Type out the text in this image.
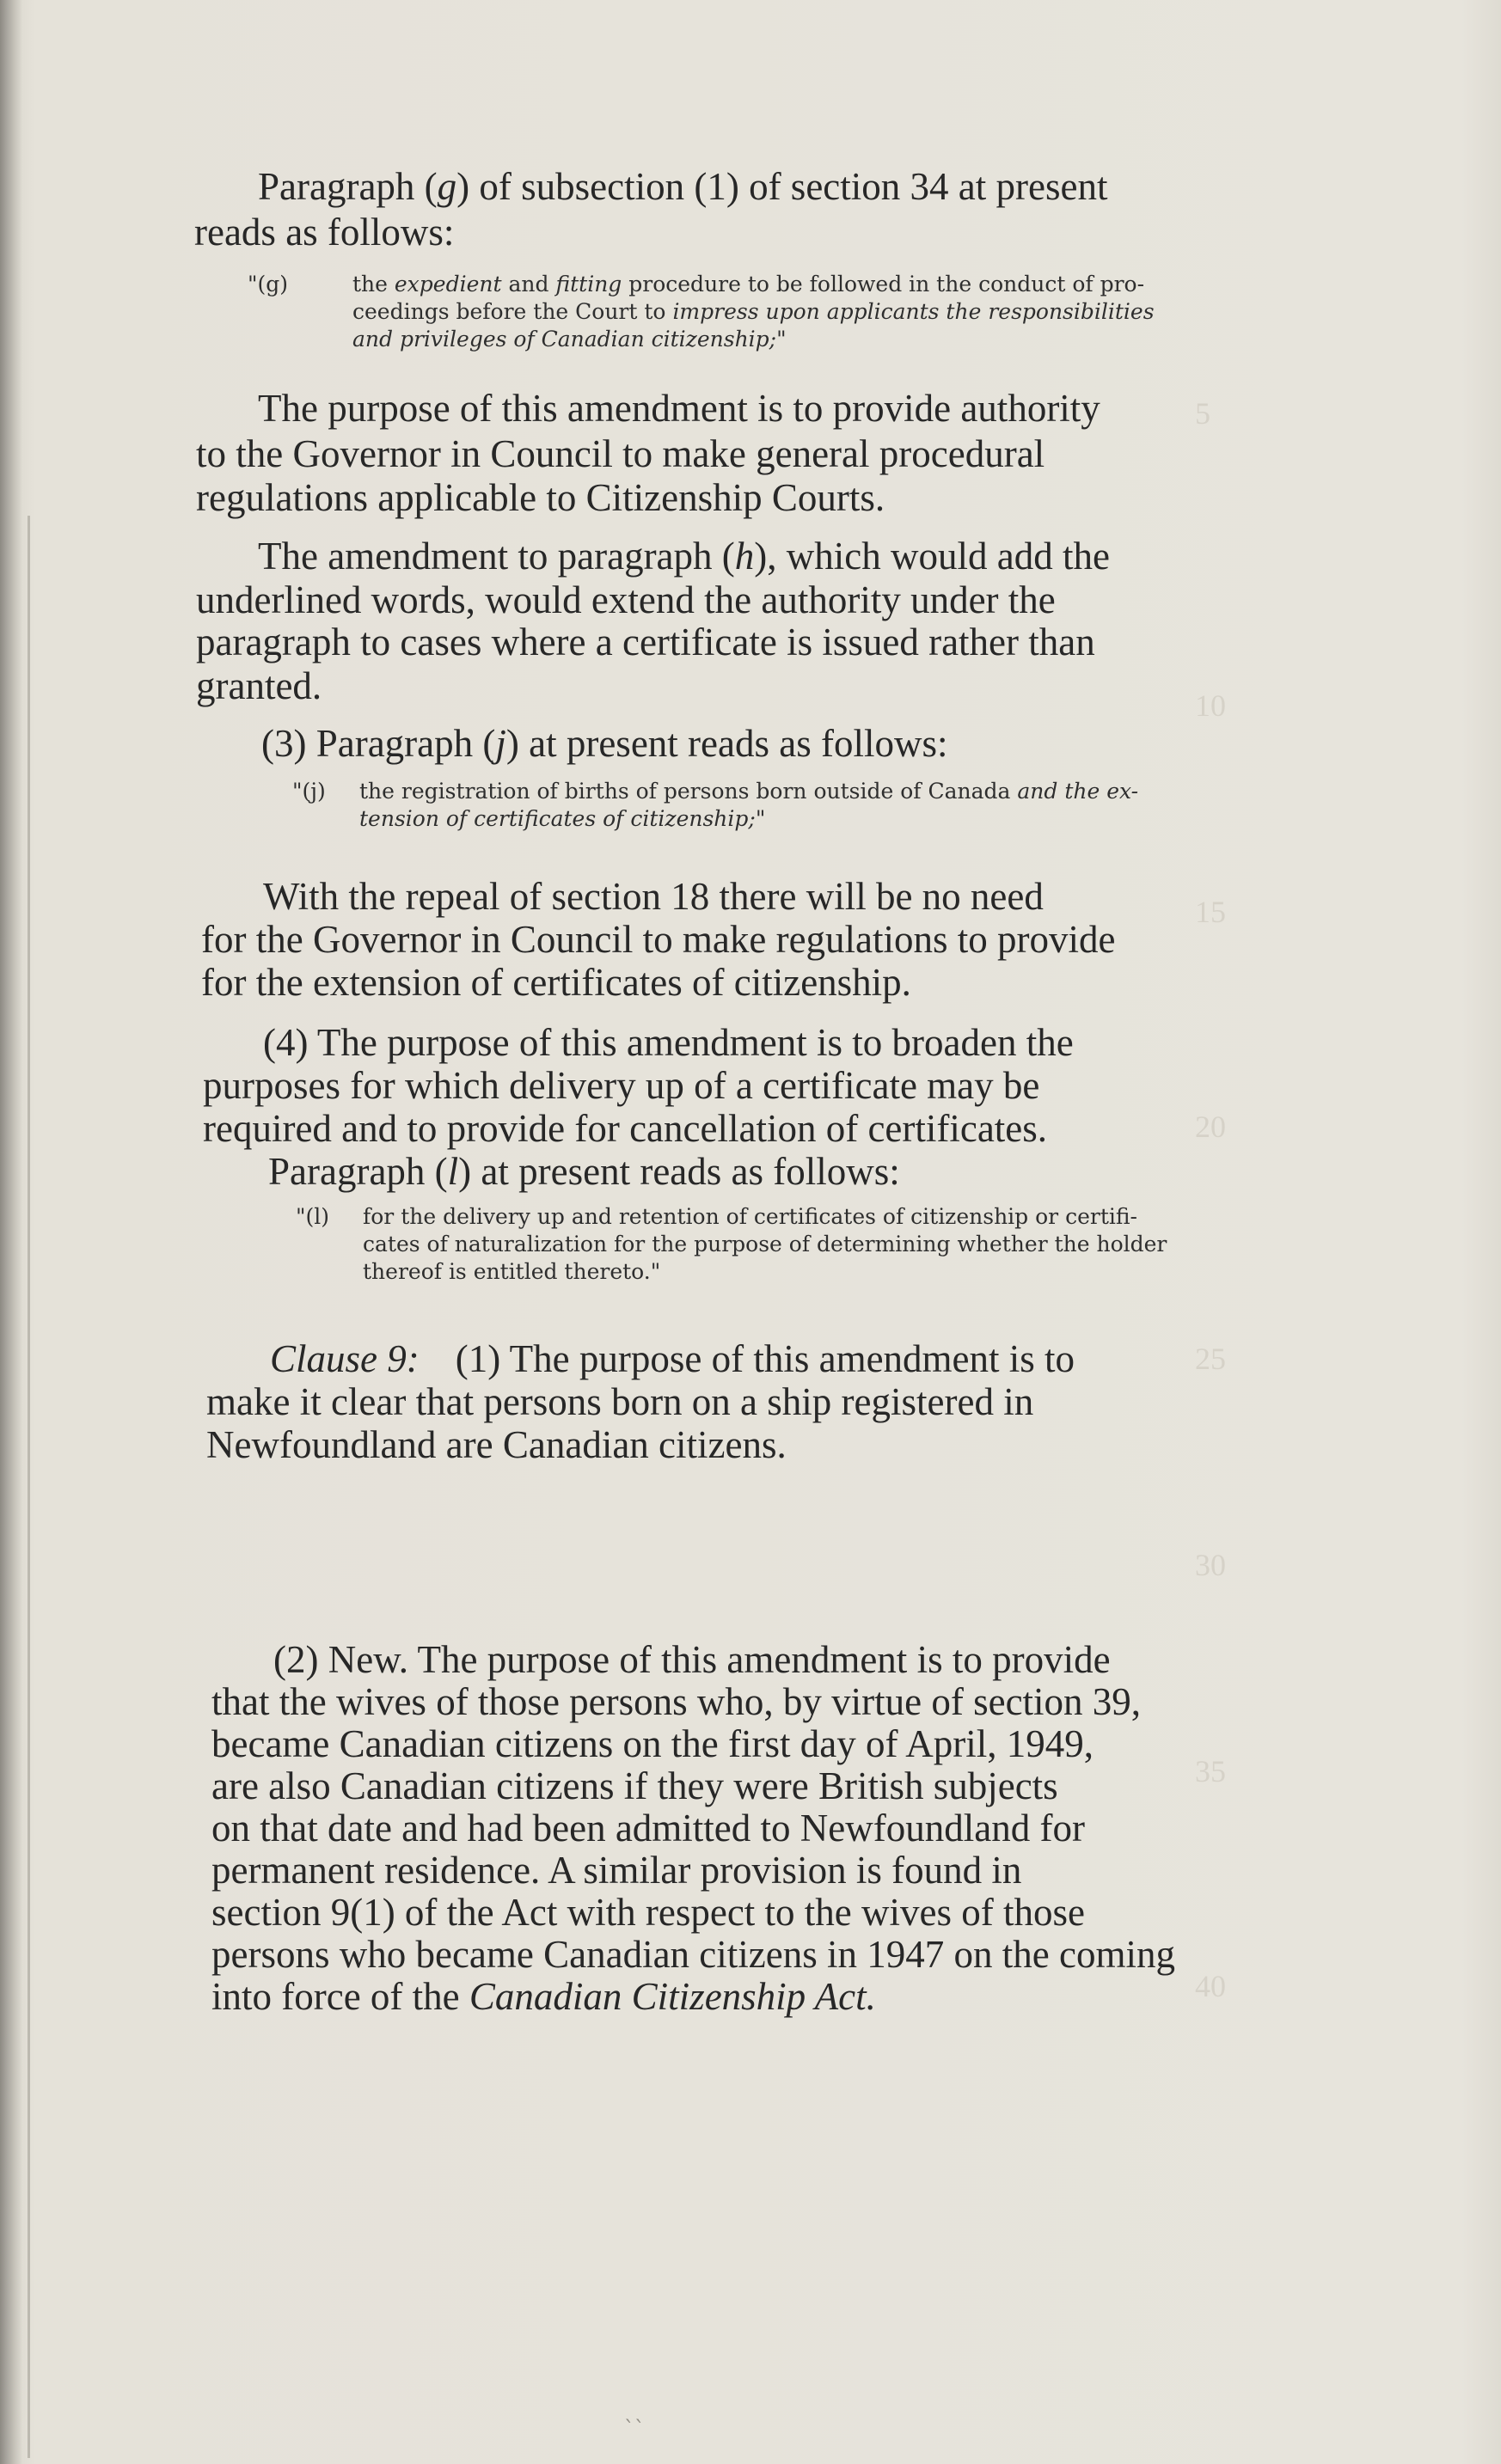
5
10
15
20
25
30
35
40

Paragraph (g) of subsection (1) of section 34 at present

reads as follows:

"(g)	the expedient and fitting procedure to be followed in the conduct of pro-
ceedings before the Court to impress upon applicants the responsibilities
and privileges of Canadian citizenship;"

The purpose of this amendment is to provide authority

to the Governor in Council to make general procedural

regulations applicable to Citizenship Courts.

The amendment to paragraph (h), which would add the

underlined words, would extend the authority under the

paragraph to cases where a certificate is issued rather than

granted.

(3) Paragraph (j) at present reads as follows:

"(j) the registration of births of persons born outside of Canada and the ex-
tension of certificates of citizenship;"

With the repeal of section 18 there will be no need

for the Governor in Council to make regulations to provide

for the extension of certificates of citizenship.

(4) The purpose of this amendment is to broaden the

purposes for which delivery up of a certificate may be

required and to provide for cancellation of certificates.

Paragraph (l) at present reads as follows:

"(l) for the delivery up and retention of certificates of citizenship or certifi-
cates of naturalization for the purpose of determining whether the holder
thereof is entitled thereto."

Clause 9: (1) The purpose of this amendment is to

make it clear that persons born on a ship registered in

Newfoundland are Canadian citizens.

(2) New. The purpose of this amendment is to provide

that the wives of those persons who, by virtue of section 39,

became Canadian citizens on the first day of April, 1949,

are also Canadian citizens if they were British subjects

on that date and had been admitted to Newfoundland for

permanent residence. A similar provision is found in

section 9(1) of the Act with respect to the wives of those

persons who became Canadian citizens in 1947 on the coming

into force of the Canadian Citizenship Act.

``
